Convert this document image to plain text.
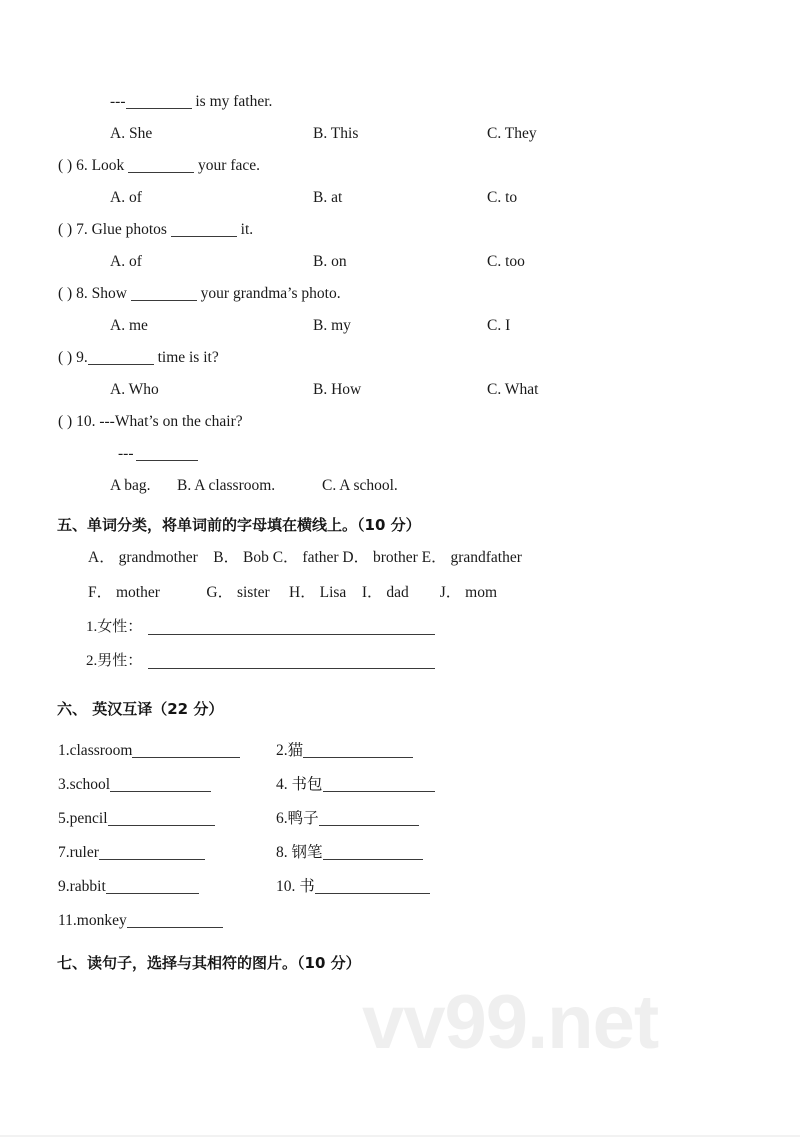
vv99.net
---	is my father.
A. She	B. This	C. They
( ) 6. Look	your face.
A. of	B. at	C. to
( ) 7. Glue photos	it.
A. of	B. on	C. too
( ) 8. Show	your grandma’s photo.
A. me	B. my	C. I
( ) 9.	time is it?
A. Who	B. How	C. What
( ) 10. ---What’s on the chair?
---
A bag. B. A classroom.	C. A school.
五、单词分类，将单词前的字母填在横线上。（10 分）
A． grandmother B． Bob C． father D． brother E． grandfather
F． mother   G． sister  H． Lisa I． dad  J． mom
1.女性：
2.男性：
六、 英汉互译（22 分）
1.classroom	2.猫
3.school	4. 书包
5.pencil	6.鸭子
7.ruler	8. 钢笔
9.rabbit	10. 书
11.monkey
七、读句子，选择与其相符的图片。（10 分）
